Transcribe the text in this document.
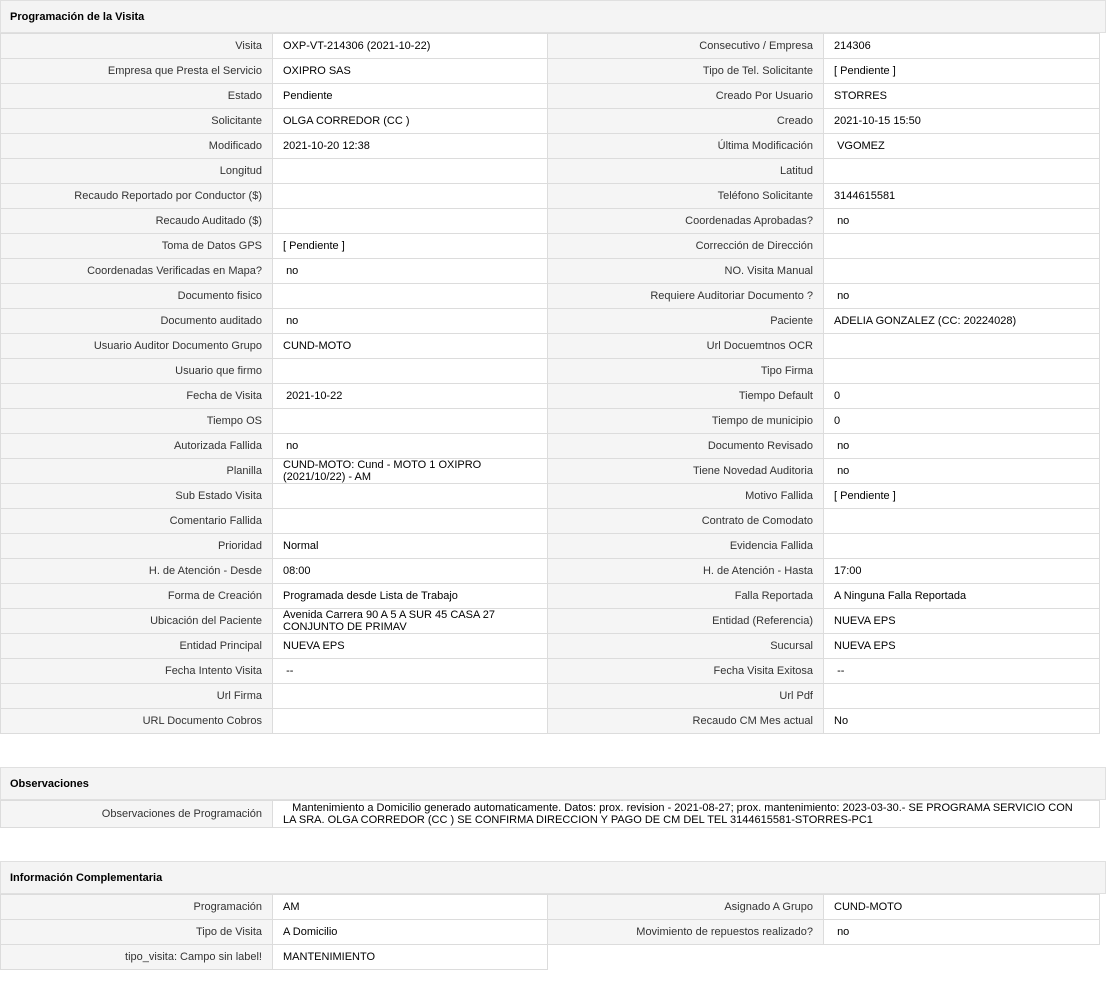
Programación de la Visita
Visita	OXP-VT-214306 (2021-10-22)	Consecutivo / Empresa	214306
Empresa que Presta el Servicio	OXIPRO SAS	Tipo de Tel. Solicitante	[ Pendiente ]
Estado	Pendiente	Creado Por Usuario	STORRES
Solicitante	OLGA CORREDOR (CC )	Creado	2021-10-15 15:50
Modificado	2021-10-20 12:38	Última Modificación	VGOMEZ
Longitud		Latitud	
Recaudo Reportado por Conductor ($)		Teléfono Solicitante	3144615581
Recaudo Auditado ($)		Coordenadas Aprobadas?	no
Toma de Datos GPS	[ Pendiente ]	Corrección de Dirección	
Coordenadas Verificadas en Mapa?	no	NO. Visita Manual	
Documento fisico		Requiere Auditoriar Documento ?	no
Documento auditado	no	Paciente	ADELIA GONZALEZ (CC: 20224028)
Usuario Auditor Documento Grupo	CUND-MOTO	Url Docuemtnos OCR	
Usuario que firmo		Tipo Firma	
Fecha de Visita	2021-10-22	Tiempo Default	0
Tiempo OS		Tiempo de municipio	0
Autorizada Fallida	no	Documento Revisado	no
Planilla	CUND-MOTO: Cund - MOTO 1 OXIPRO (2021/10/22) - AM	Tiene Novedad Auditoria	no
Sub Estado Visita		Motivo Fallida	[ Pendiente ]
Comentario Fallida		Contrato de Comodato	
Prioridad	Normal	Evidencia Fallida	
H. de Atención - Desde	08:00	H. de Atención - Hasta	17:00
Forma de Creación	Programada desde Lista de Trabajo	Falla Reportada	A Ninguna Falla Reportada
Ubicación del Paciente	Avenida Carrera 90 A 5 A SUR 45 CASA 27 CONJUNTO DE PRIMAV	Entidad (Referencia)	NUEVA EPS
Entidad Principal	NUEVA EPS	Sucursal	NUEVA EPS
Fecha Intento Visita	--	Fecha Visita Exitosa	--
Url Firma		Url Pdf	
URL Documento Cobros		Recaudo CM Mes actual	No
Observaciones
Observaciones de Programación	Mantenimiento a Domicilio generado automaticamente. Datos: prox. revision - 2021-08-27; prox. mantenimiento: 2023-03-30.- SE PROGRAMA SERVICIO CON LA SRA. OLGA CORREDOR (CC ) SE CONFIRMA DIRECCION Y PAGO DE CM DEL TEL 3144615581-STORRES-PC1
Información Complementaria
Programación	AM	Asignado A Grupo	CUND-MOTO
Tipo de Visita	A Domicilio	Movimiento de repuestos realizado?	no
tipo_visita: Campo sin label!	MANTENIMIENTO		
